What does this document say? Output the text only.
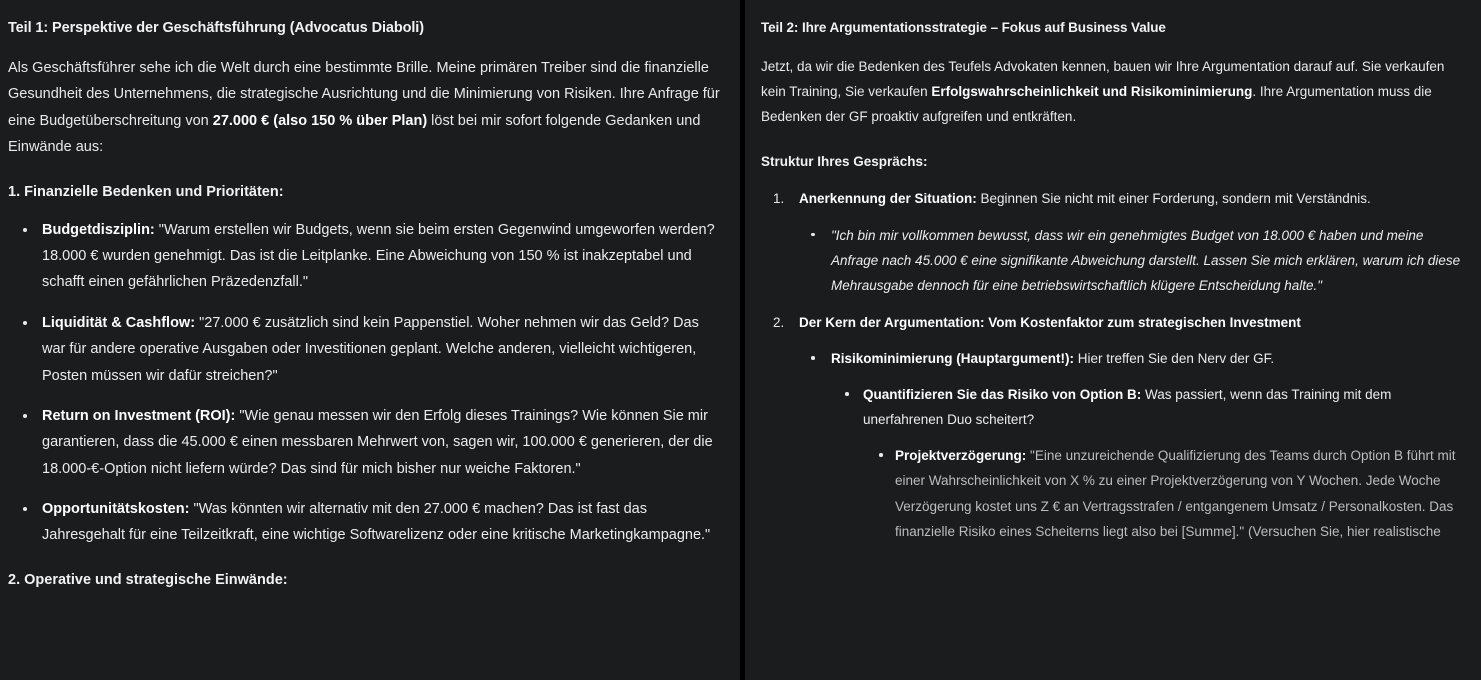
Teil 1: Perspektive der Geschäftsführung (Advocatus Diaboli)

Als Geschäftsführer sehe ich die Welt durch eine bestimmte Brille. Meine primären Treiber sind die finanzielle Gesundheit des Unternehmens, die strategische Ausrichtung und die Minimierung von Risiken. Ihre Anfrage für eine Budgetüberschreitung von 27.000 € (also 150 % über Plan) löst bei mir sofort folgende Gedanken und Einwände aus:

1. Finanzielle Bedenken und Prioritäten:
Budgetdisziplin: "Warum erstellen wir Budgets, wenn sie beim ersten Gegenwind umgeworfen werden? 18.000 € wurden genehmigt. Das ist die Leitplanke. Eine Abweichung von 150 % ist inakzeptabel und schafft einen gefährlichen Präzedenzfall."
Liquidität & Cashflow: "27.000 € zusätzlich sind kein Pappenstiel. Woher nehmen wir das Geld? Das war für andere operative Ausgaben oder Investitionen geplant. Welche anderen, vielleicht wichtigeren, Posten müssen wir dafür streichen?"
Return on Investment (ROI): "Wie genau messen wir den Erfolg dieses Trainings? Wie können Sie mir garantieren, dass die 45.000 € einen messbaren Mehrwert von, sagen wir, 100.000 € generieren, der die 18.000-€-Option nicht liefern würde? Das sind für mich bisher nur weiche Faktoren."
Opportunitätskosten: "Was könnten wir alternativ mit den 27.000 € machen? Das ist fast das Jahresgehalt für eine Teilzeitkraft, eine wichtige Softwarelizenz oder eine kritische Marketingkampagne."
2. Operative und strategische Einwände:
Teil 2: Ihre Argumentationsstrategie – Fokus auf Business Value

Jetzt, da wir die Bedenken des Teufels Advokaten kennen, bauen wir Ihre Argumentation darauf auf. Sie verkaufen kein Training, Sie verkaufen Erfolgswahrscheinlichkeit und Risikominimierung. Ihre Argumentation muss die Bedenken der GF proaktiv aufgreifen und entkräften.

Struktur Ihres Gesprächs:
Anerkennung der Situation: Beginnen Sie nicht mit einer Forderung, sondern mit Verständnis.
"Ich bin mir vollkommen bewusst, dass wir ein genehmigtes Budget von 18.000 € haben und meine Anfrage nach 45.000 € eine signifikante Abweichung darstellt. Lassen Sie mich erklären, warum ich diese Mehrausgabe dennoch für eine betriebswirtschaftlich klügere Entscheidung halte."
Der Kern der Argumentation: Vom Kostenfaktor zum strategischen Investment
Risikominimierung (Hauptargument!): Hier treffen Sie den Nerv der GF.
Quantifizieren Sie das Risiko von Option B: Was passiert, wenn das Training mit dem unerfahrenen Duo scheitert?
Projektverzögerung: "Eine unzureichende Qualifizierung des Teams durch Option B führt mit einer Wahrscheinlichkeit von X % zu einer Projektverzögerung von Y Wochen. Jede Woche Verzögerung kostet uns Z € an Vertragsstrafen / entgangenem Umsatz / Personalkosten. Das finanzielle Risiko eines Scheiterns liegt also bei [Summe]." (Versuchen Sie, hier realistische
